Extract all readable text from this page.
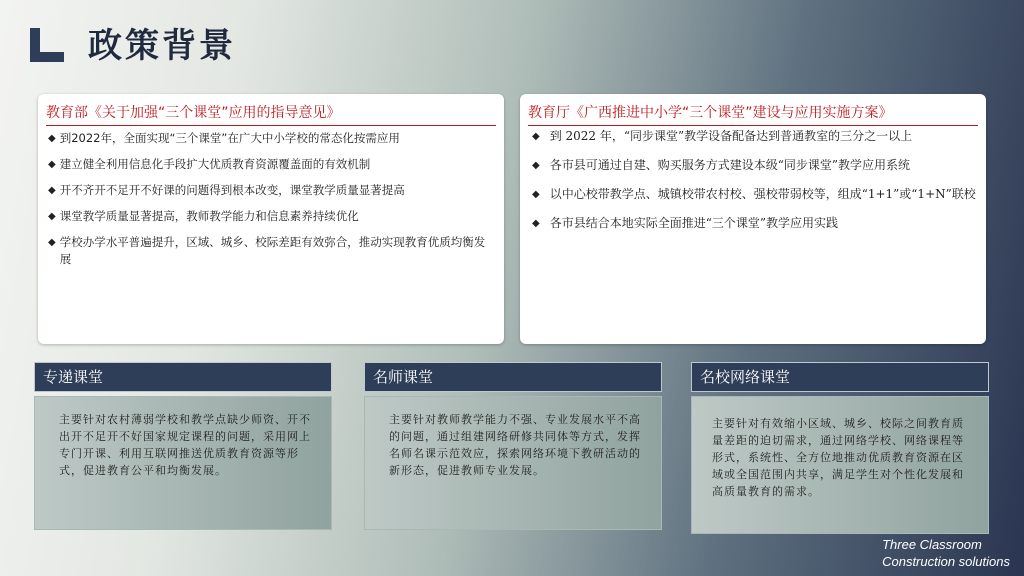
政策背景
教育部《关于加强“三个课堂”应用的指导意见》
◆ 到2022年，全面实现“三个课堂”在广大中小学校的常态化按需应用
◆ 建立健全利用信息化手段扩大优质教育资源覆盖面的有效机制
◆ 开不齐开不足开不好课的问题得到根本改变，课堂教学质量显著提高
◆ 课堂教学质量显著提高，教师教学能力和信息素养持续优化
◆ 学校办学水平普遍提升，区域、城乡、校际差距有效弥合，推动实现教育优质均衡发展
教育厅《广西推进中小学“三个课堂”建设与应用实施方案》
◆ 到 2022 年，“同步课堂”教学设备配备达到普通教室的三分之一以上
◆ 各市县可通过自建、购买服务方式建设本级“同步课堂”教学应用系统
◆ 以中心校带教学点、城镇校带农村校、强校带弱校等，组成“1+1”或“1+N”联校
◆ 各市县结合本地实际全面推进“三个课堂”教学应用实践
专递课堂
主要针对农村薄弱学校和教学点缺少师资、开不出开不足开不好国家规定课程的问题，采用网上专门开课、利用互联网推送优质教育资源等形式，促进教育公平和均衡发展。
名师课堂
主要针对教师教学能力不强、专业发展水平不高的问题，通过组建网络研修共同体等方式，发挥名师名课示范效应，探索网络环境下教研活动的新形态，促进教师专业发展。
名校网络课堂
主要针对有效缩小区域、城乡、校际之间教育质量差距的迫切需求，通过网络学校、网络课程等形式，系统性、全方位地推动优质教育资源在区域或全国范围内共享，满足学生对个性化发展和高质量教育的需求。
Three Classroom
Construction solutions
